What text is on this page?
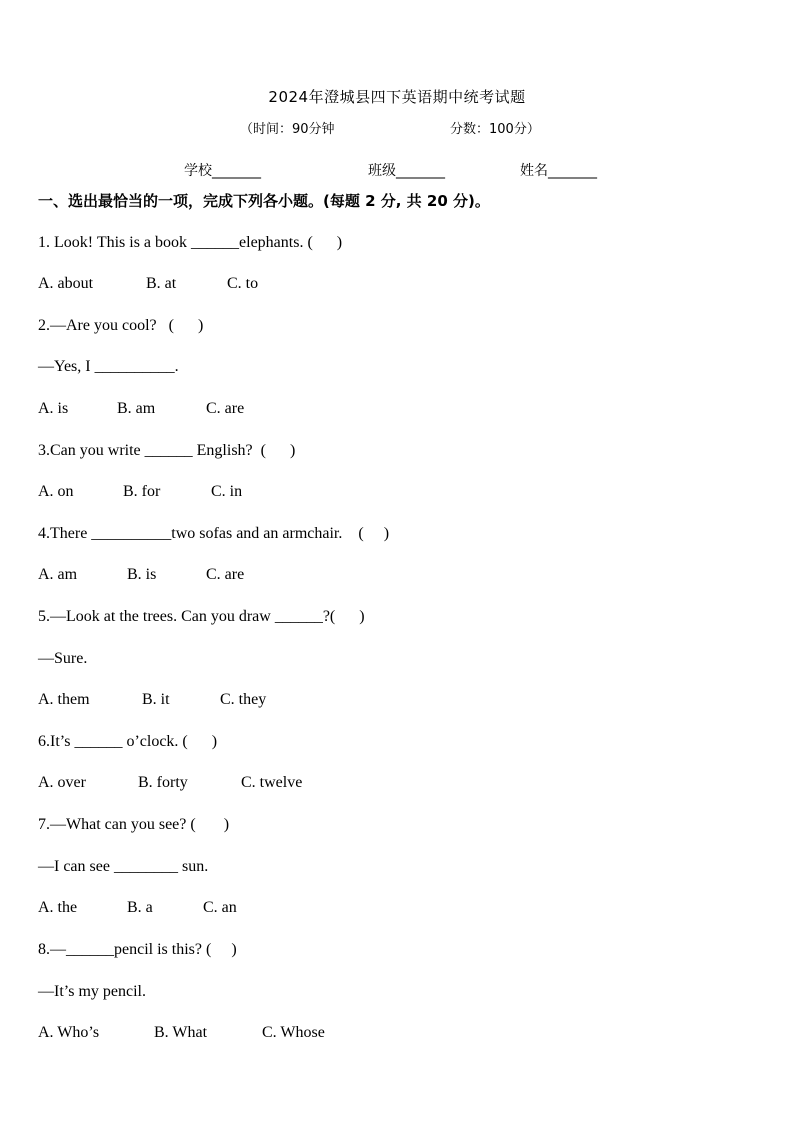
2024年澄城县四下英语期中统考试题
（时间：90分钟	分数：100分）
学校_______	班级_______	姓名_______
一、选出最恰当的一项，完成下列各小题。(每题 2 分, 共 20 分)。
1. Look! This is a book ______elephants. (      )
A. about	B. at	C. to
2.—Are you cool?   (      )
—Yes, I __________.
A. is	B. am	C. are
3.Can you write ______ English?  (      )
A. on	B. for	C. in
4.There __________two sofas and an armchair.    (     )
A. am	B. is	C. are
5.—Look at the trees. Can you draw ______?(      )
—Sure.
A. them	B. it	C. they
6.It’s ______ o’clock. (      )
A. over	B. forty	C. twelve
7.—What can you see? (       )
—I can see ________ sun.
A. the	B. a	C. an
8.—______pencil is this? (     )
—It’s my pencil.
A. Who’s	B. What	C. Whose
